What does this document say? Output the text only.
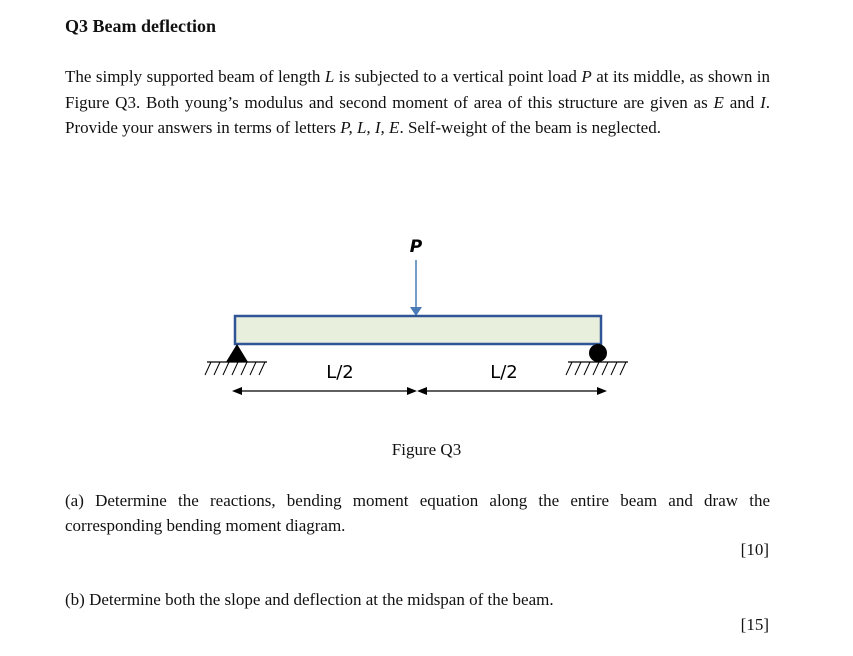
Q3 Beam deflection
The simply supported beam of length L is subjected to a vertical point load P at its middle, as shown in Figure Q3. Both young’s modulus and second moment of area of this structure are given as E and I. Provide your answers in terms of letters P, L, I, E. Self-weight of the beam is neglected.
P
L/2	L/2
Figure Q3
(a) Determine the reactions, bending moment equation along the entire beam and draw the corresponding bending moment diagram.
[10]
(b) Determine both the slope and deflection at the midspan of the beam.
[15]
